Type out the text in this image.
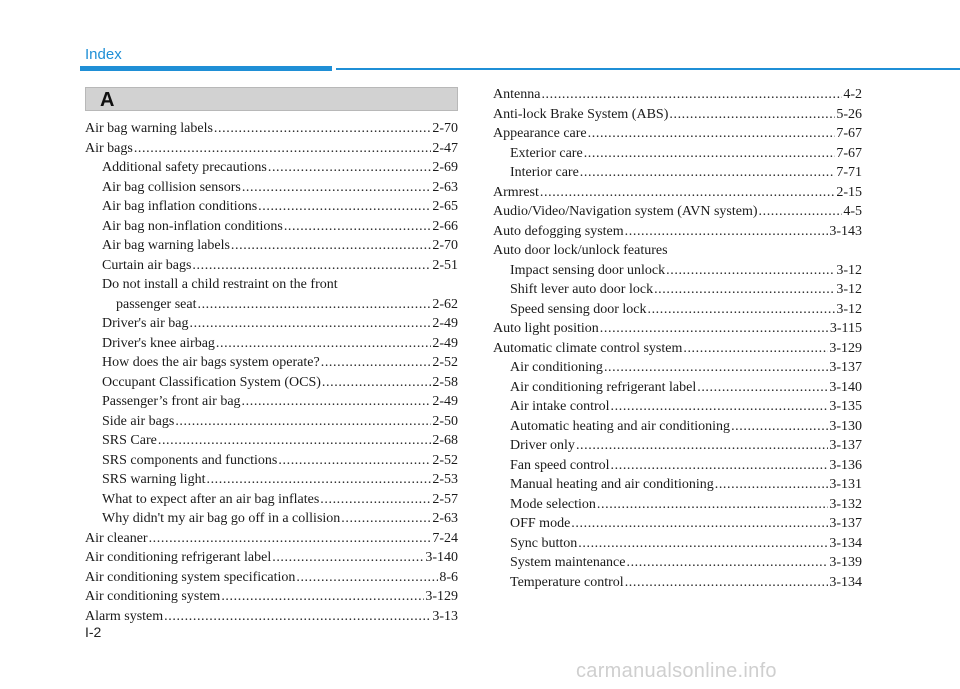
Index
A
Air bag warning labels .....	2-70
Air bags .....	2-47
Additional safety precautions .....	2-69
Air bag collision sensors .....	2-63
Air bag inflation conditions .....	2-65
Air bag non-inflation conditions .....	2-66
Air bag warning labels .....	2-70
Curtain air bags .....	2-51
Do not install a child restraint on the front
passenger seat .....	2-62
Driver's air bag .....	2-49
Driver's knee airbag .....	2-49
How does the air bags system operate? .....	2-52
Occupant Classification System (OCS) .....	2-58
Passenger’s front air bag .....	2-49
Side air bags .....	2-50
SRS Care .....	2-68
SRS components and functions .....	2-52
SRS warning light .....	2-53
What to expect after an air bag inflates .....	2-57
Why didn't my air bag go off in a collision .....	2-63
Air cleaner .....	7-24
Air conditioning refrigerant label .....	3-140
Air conditioning system specification .....	8-6
Air conditioning system .....	3-129
Alarm system .....	3-13
Antenna .....	4-2
Anti-lock Brake System (ABS) .....	5-26
Appearance care .....	7-67
Exterior care .....	7-67
Interior care .....	7-71
Armrest .....	2-15
Audio/Video/Navigation system (AVN system) .....	4-5
Auto defogging system .....	3-143
Auto door lock/unlock features
Impact sensing door unlock .....	3-12
Shift lever auto door lock .....	3-12
Speed sensing door lock .....	3-12
Auto light position .....	3-115
Automatic climate control system .....	3-129
Air conditioning .....	3-137
Air conditioning refrigerant label .....	3-140
Air intake control .....	3-135
Automatic heating and air conditioning .....	3-130
Driver only .....	3-137
Fan speed control .....	3-136
Manual heating and air conditioning .....	3-131
Mode selection .....	3-132
OFF mode .....	3-137
Sync button .....	3-134
System maintenance .....	3-139
Temperature control .....	3-134
I-2
carmanualsonline.info
